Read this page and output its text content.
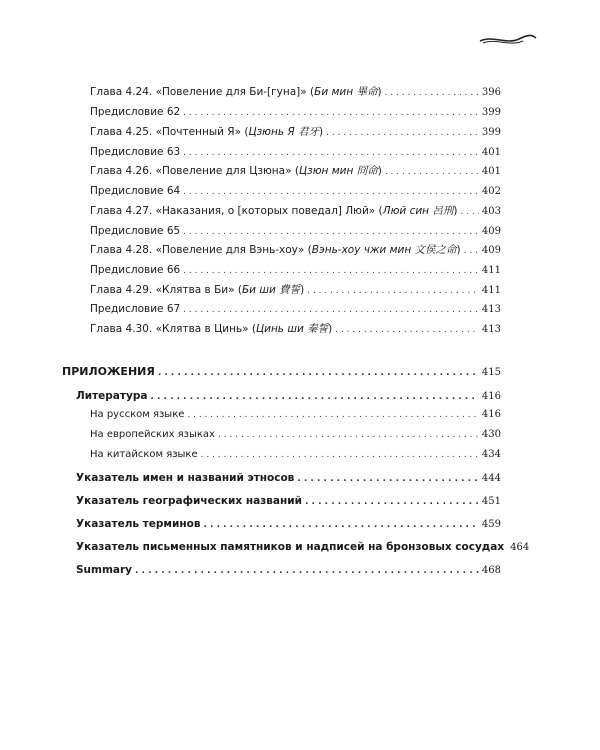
Глава 4.24. «Повеление для Би-[гуна]» (Би мин 畢命) . . .	396
Предисловие 62 . . .	399
Глава 4.25. «Почтенный Я» (Цзюнь Я 君牙) . . .	399
Предисловие 63 . . .	401
Глава 4.26. «Повеление для Цзюна» (Цзюн мин 冏命) . . .	401
Предисловие 64 . . .	402
Глава 4.27. «Наказания, о [которых поведал] Люй» (Люй син 呂刑) . . . 403
Предисловие 65 . . .	409
Глава 4.28. «Повеление для Вэнь-хоу» (Вэнь-хоу чжи мин 文侯之命) . . . 409
Предисловие 66 . . .	411
Глава 4.29. «Клятва в Би» (Би ши 費誓) . . .	411
Предисловие 67 . . .	413
Глава 4.30. «Клятва в Цинь» (Цинь ши 秦誓) . . .	413
ПРИЛОЖЕНИЯ . . .	415
Литература . . .	416
На русском языке . . .	416
На европейских языках . . .	430
На китайском языке . . .	434
Указатель имен и названий этносов . . .	444
Указатель географических названий . . .	451
Указатель терминов . . .	459
Указатель письменных памятников и надписей на бронзовых сосудах 464
Summary . . .	468
